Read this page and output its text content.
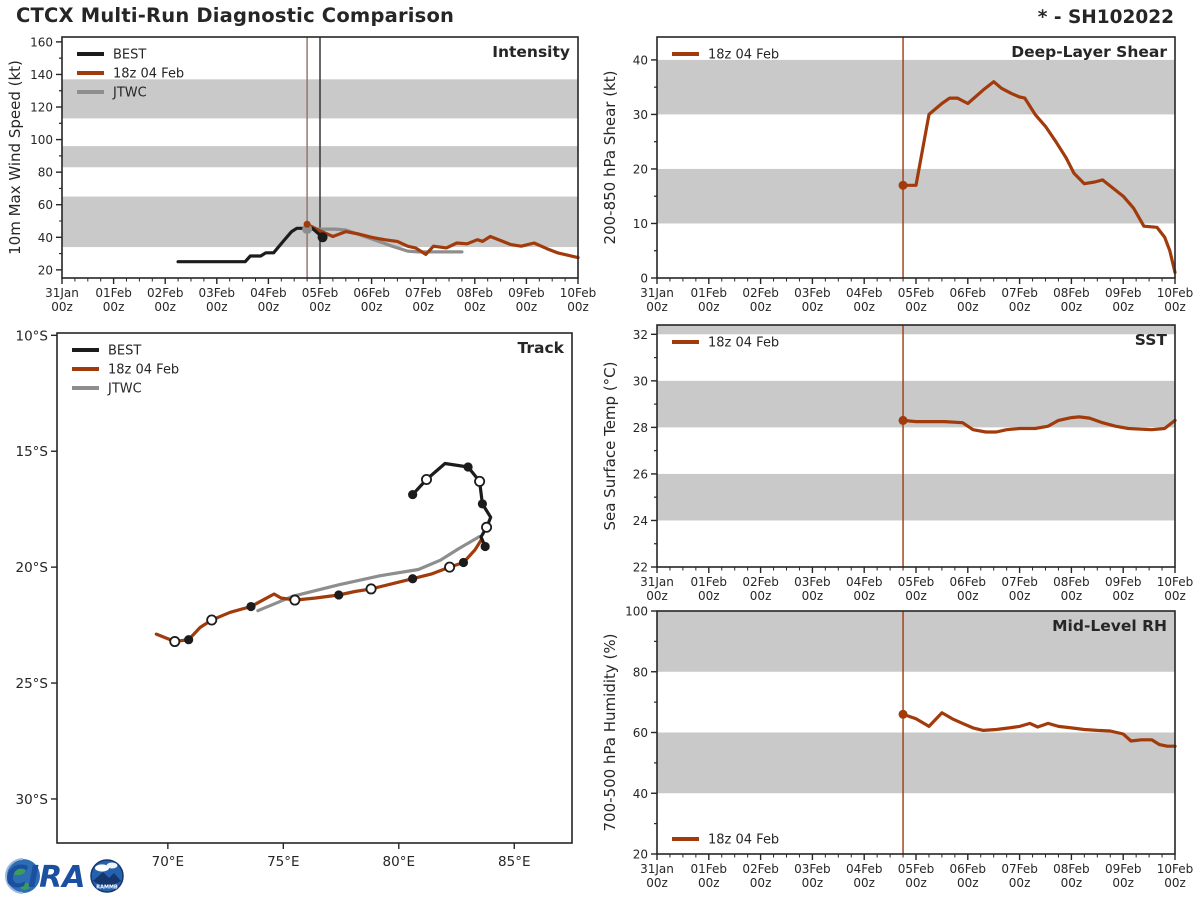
CTCX Multi-Run Diagnostic Comparison	* - SH102022
31Jan
00z
01Feb
00z
02Feb
00z
03Feb
00z
04Feb
00z
05Feb
00z
06Feb
00z
07Feb
00z
08Feb
00z
09Feb
00z
10Feb
00z
20
40
60
80
100
120
140
160
10m Max Wind Speed (kt)
Intensity
BEST
18z 04 Feb
JTWC
31Jan
00z
01Feb
00z
02Feb
00z
03Feb
00z
04Feb
00z
05Feb
00z
06Feb
00z
07Feb
00z
08Feb
00z
09Feb
00z
10Feb
00z
0
10
20
30
40
200-850 hPa Shear (kt)
Deep-Layer Shear
18z 04 Feb
31Jan
00z
01Feb
00z
02Feb
00z
03Feb
00z
04Feb
00z
05Feb
00z
06Feb
00z
07Feb
00z
08Feb
00z
09Feb
00z
10Feb
00z
22
24
26
28
30
32
Sea Surface Temp (°C)
SST
18z 04 Feb
31Jan
00z
01Feb
00z
02Feb
00z
03Feb
00z
04Feb
00z
05Feb
00z
06Feb
00z
07Feb
00z
08Feb
00z
09Feb
00z
10Feb
00z
20
40
60
80
100
700-500 hPa Humidity (%)
Mid-Level RH
18z 04 Feb
70°E	75°E	80°E	85°E
10°S
15°S
20°S
25°S
30°S
Track
BEST
18z 04 Feb
JTWC
CIRA RAMMB
